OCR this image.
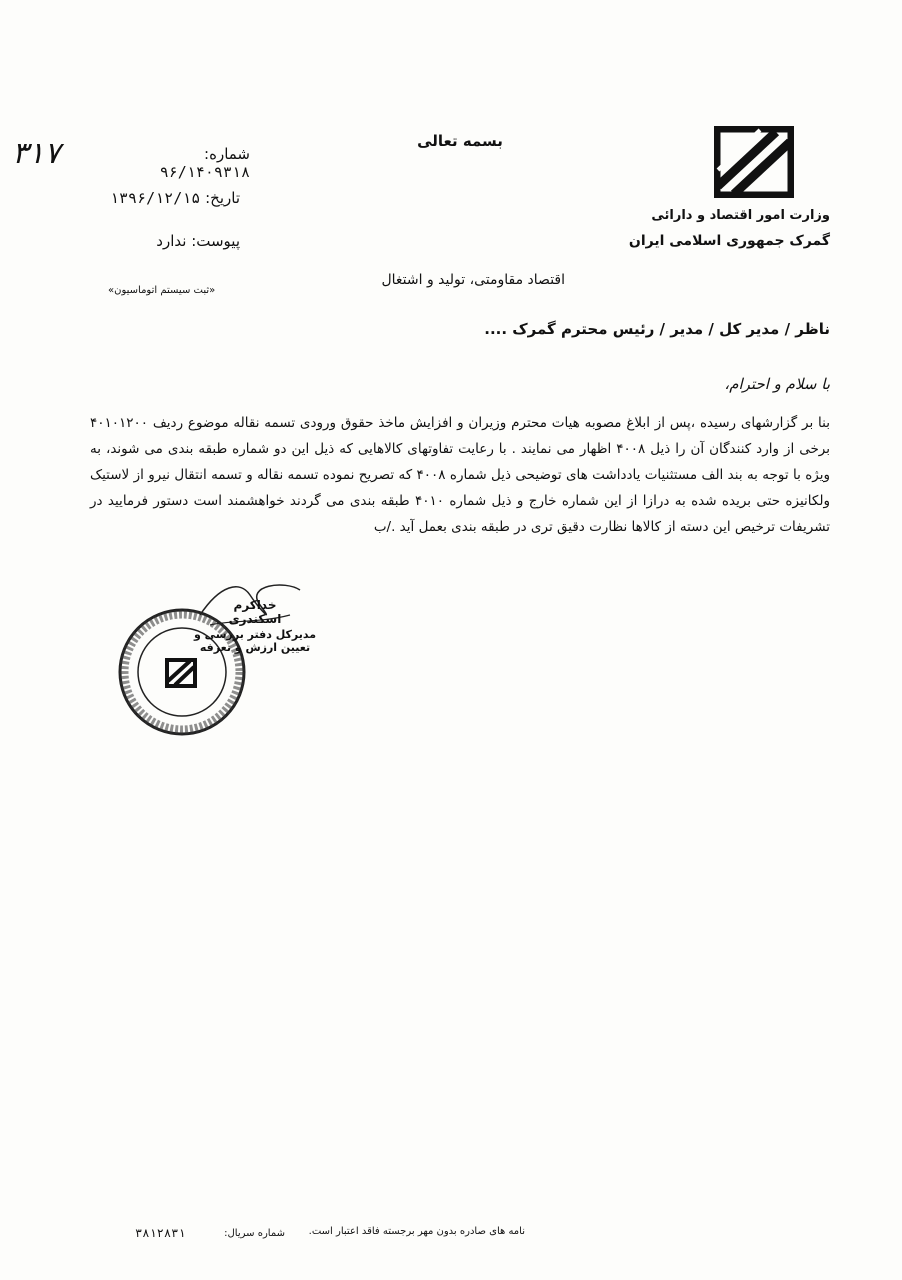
بسمه تعالی
وزارت امور اقتصاد و دارائی
گمرک جمهوری اسلامی ایران
۳۱۷	شماره: ۹۶/۱۴۰۹۳۱۸
تاریخ: ۱۳۹۶/۱۲/۱۵
پیوست: ندارد
«ثبت سیستم اتوماسیون»
اقتصاد مقاومتی، تولید و اشتغال
ناظر / مدیر کل / مدیر / رئیس محترم گمرک ....
با سلام و احترام،
بنا بر گزارشهای رسیده ،پس از ابلاغ مصوبه هیات محترم وزیران و افزایش ماخذ حقوق ورودی تسمه نقاله موضوع ردیف ۴۰۱۰۱۲۰۰ برخی از وارد کنندگان آن را ذیل ۴۰۰۸ اظهار می نمایند . با رعایت تفاوتهای کالاهایی که ذیل این دو شماره طبقه بندی می شوند، به ویژه با توجه به بند الف مستثنیات یادداشت های توضیحی ذیل شماره ۴۰۰۸ که تصریح نموده تسمه نقاله و تسمه انتقال نیرو از لاستیک ولکانیزه حتی بریده شده به درازا از این شماره خارج و ذیل شماره ۴۰۱۰ طبقه بندی می گردند خواهشمند است دستور فرمایید در تشریفات ترخیص این دسته از کالاها نظارت دقیق تری در طبقه بندی بعمل آید ./ب
خداکرم اسکندری
مدیرکل دفتر بررسی و تعیین ارزش و تعرفه
نامه های صادره بدون مهر برجسته فاقد اعتبار است.
شماره سریال:
۳۸۱۲۸۳۱
